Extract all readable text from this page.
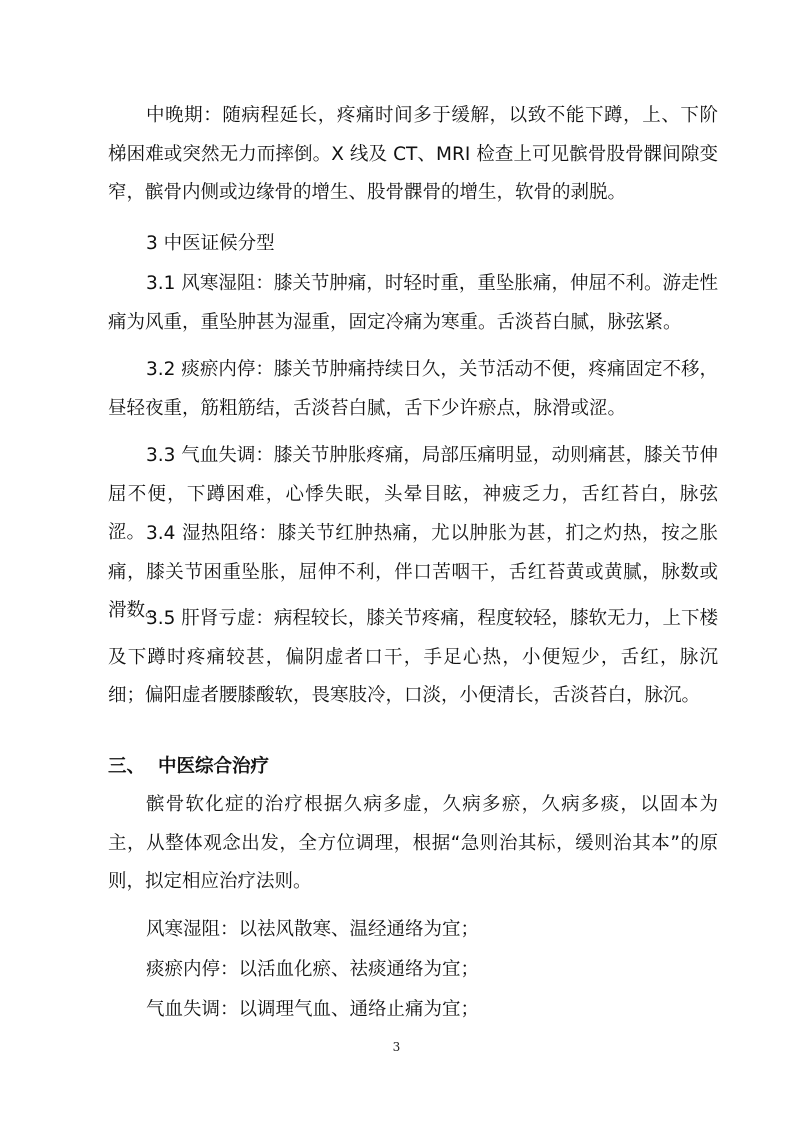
中晚期：随病程延长，疼痛时间多于缓解，以致不能下蹲，上、下阶梯困难或突然无力而摔倒。X 线及 CT、MRI 检查上可见髌骨股骨髁间隙变窄，髌骨内侧或边缘骨的增生、股骨髁骨的增生，软骨的剥脱。

3 中医证候分型

3.1 风寒湿阻：膝关节肿痛，时轻时重，重坠胀痛，伸屈不利。游走性痛为风重，重坠肿甚为湿重，固定冷痛为寒重。舌淡苔白腻，脉弦紧。

3.2 痰瘀内停：膝关节肿痛持续日久，关节活动不便，疼痛固定不移，昼轻夜重，筋粗筋结，舌淡苔白腻，舌下少许瘀点，脉滑或涩。

3.3 气血失调：膝关节肿胀疼痛，局部压痛明显，动则痛甚，膝关节伸屈不便，下蹲困难，心悸失眠，头晕目眩，神疲乏力，舌红苔白，脉弦涩。 3.4 湿热阻络：膝关节红肿热痛，尤以肿胀为甚，扪之灼热，按之胀痛，膝关节困重坠胀，屈伸不利，伴口苦咽干，舌红苔黄或黄腻，脉数或滑数。

3.5 肝肾亏虚：病程较长，膝关节疼痛，程度较轻，膝软无力，上下楼及下蹲时疼痛较甚，偏阴虚者口干，手足心热，小便短少，舌红，脉沉细；偏阳虚者腰膝酸软，畏寒肢冷，口淡，小便清长，舌淡苔白，脉沉。

三、 中医综合治疗

髌骨软化症的治疗根据久病多虚，久病多瘀，久病多痰，以固本为主，从整体观念出发，全方位调理，根据“急则治其标，缓则治其本”的原则，拟定相应治疗法则。

风寒湿阻：以祛风散寒、温经通络为宜；

痰瘀内停：以活血化瘀、祛痰通络为宜；

气血失调：以调理气血、通络止痛为宜；

3
